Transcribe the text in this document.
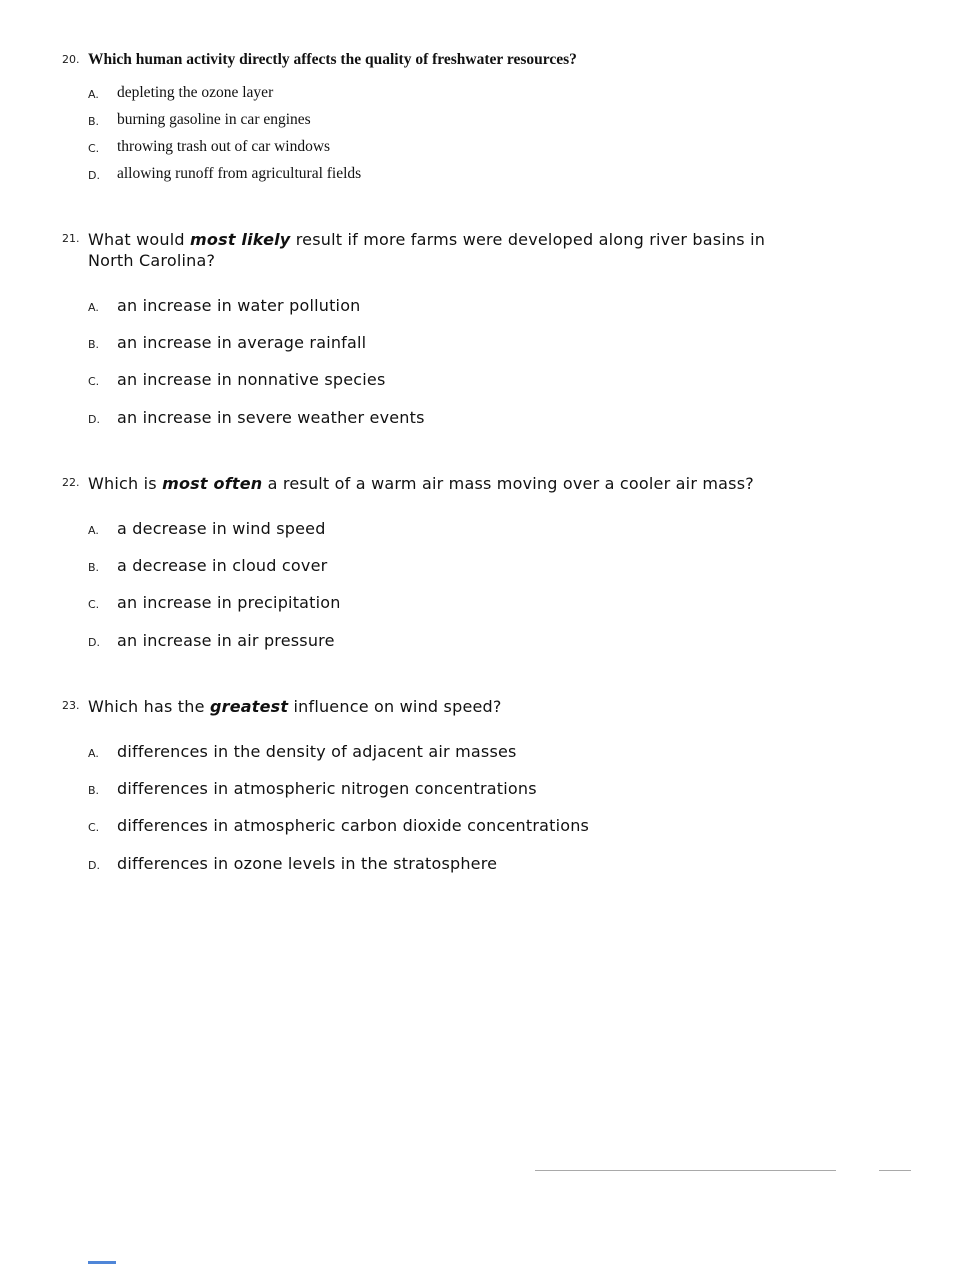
20. Which human activity directly affects the quality of freshwater resources?
A.	depleting the ozone layer
B.	burning gasoline in car engines
C.	throwing trash out of car windows
D.	allowing runoff from agricultural fields
21. What would most likely result if more farms were developed along river basins in North Carolina?
A.	an increase in water pollution
B.	an increase in average rainfall
C.	an increase in nonnative species
D.	an increase in severe weather events
22. Which is most often a result of a warm air mass moving over a cooler air mass?
A.	a decrease in wind speed
B.	a decrease in cloud cover
C.	an increase in precipitation
D.	an increase in air pressure
23. Which has the greatest influence on wind speed?
A.	differences in the density of adjacent air masses
B.	differences in atmospheric nitrogen concentrations
C.	differences in atmospheric carbon dioxide concentrations
D.	differences in ozone levels in the stratosphere
